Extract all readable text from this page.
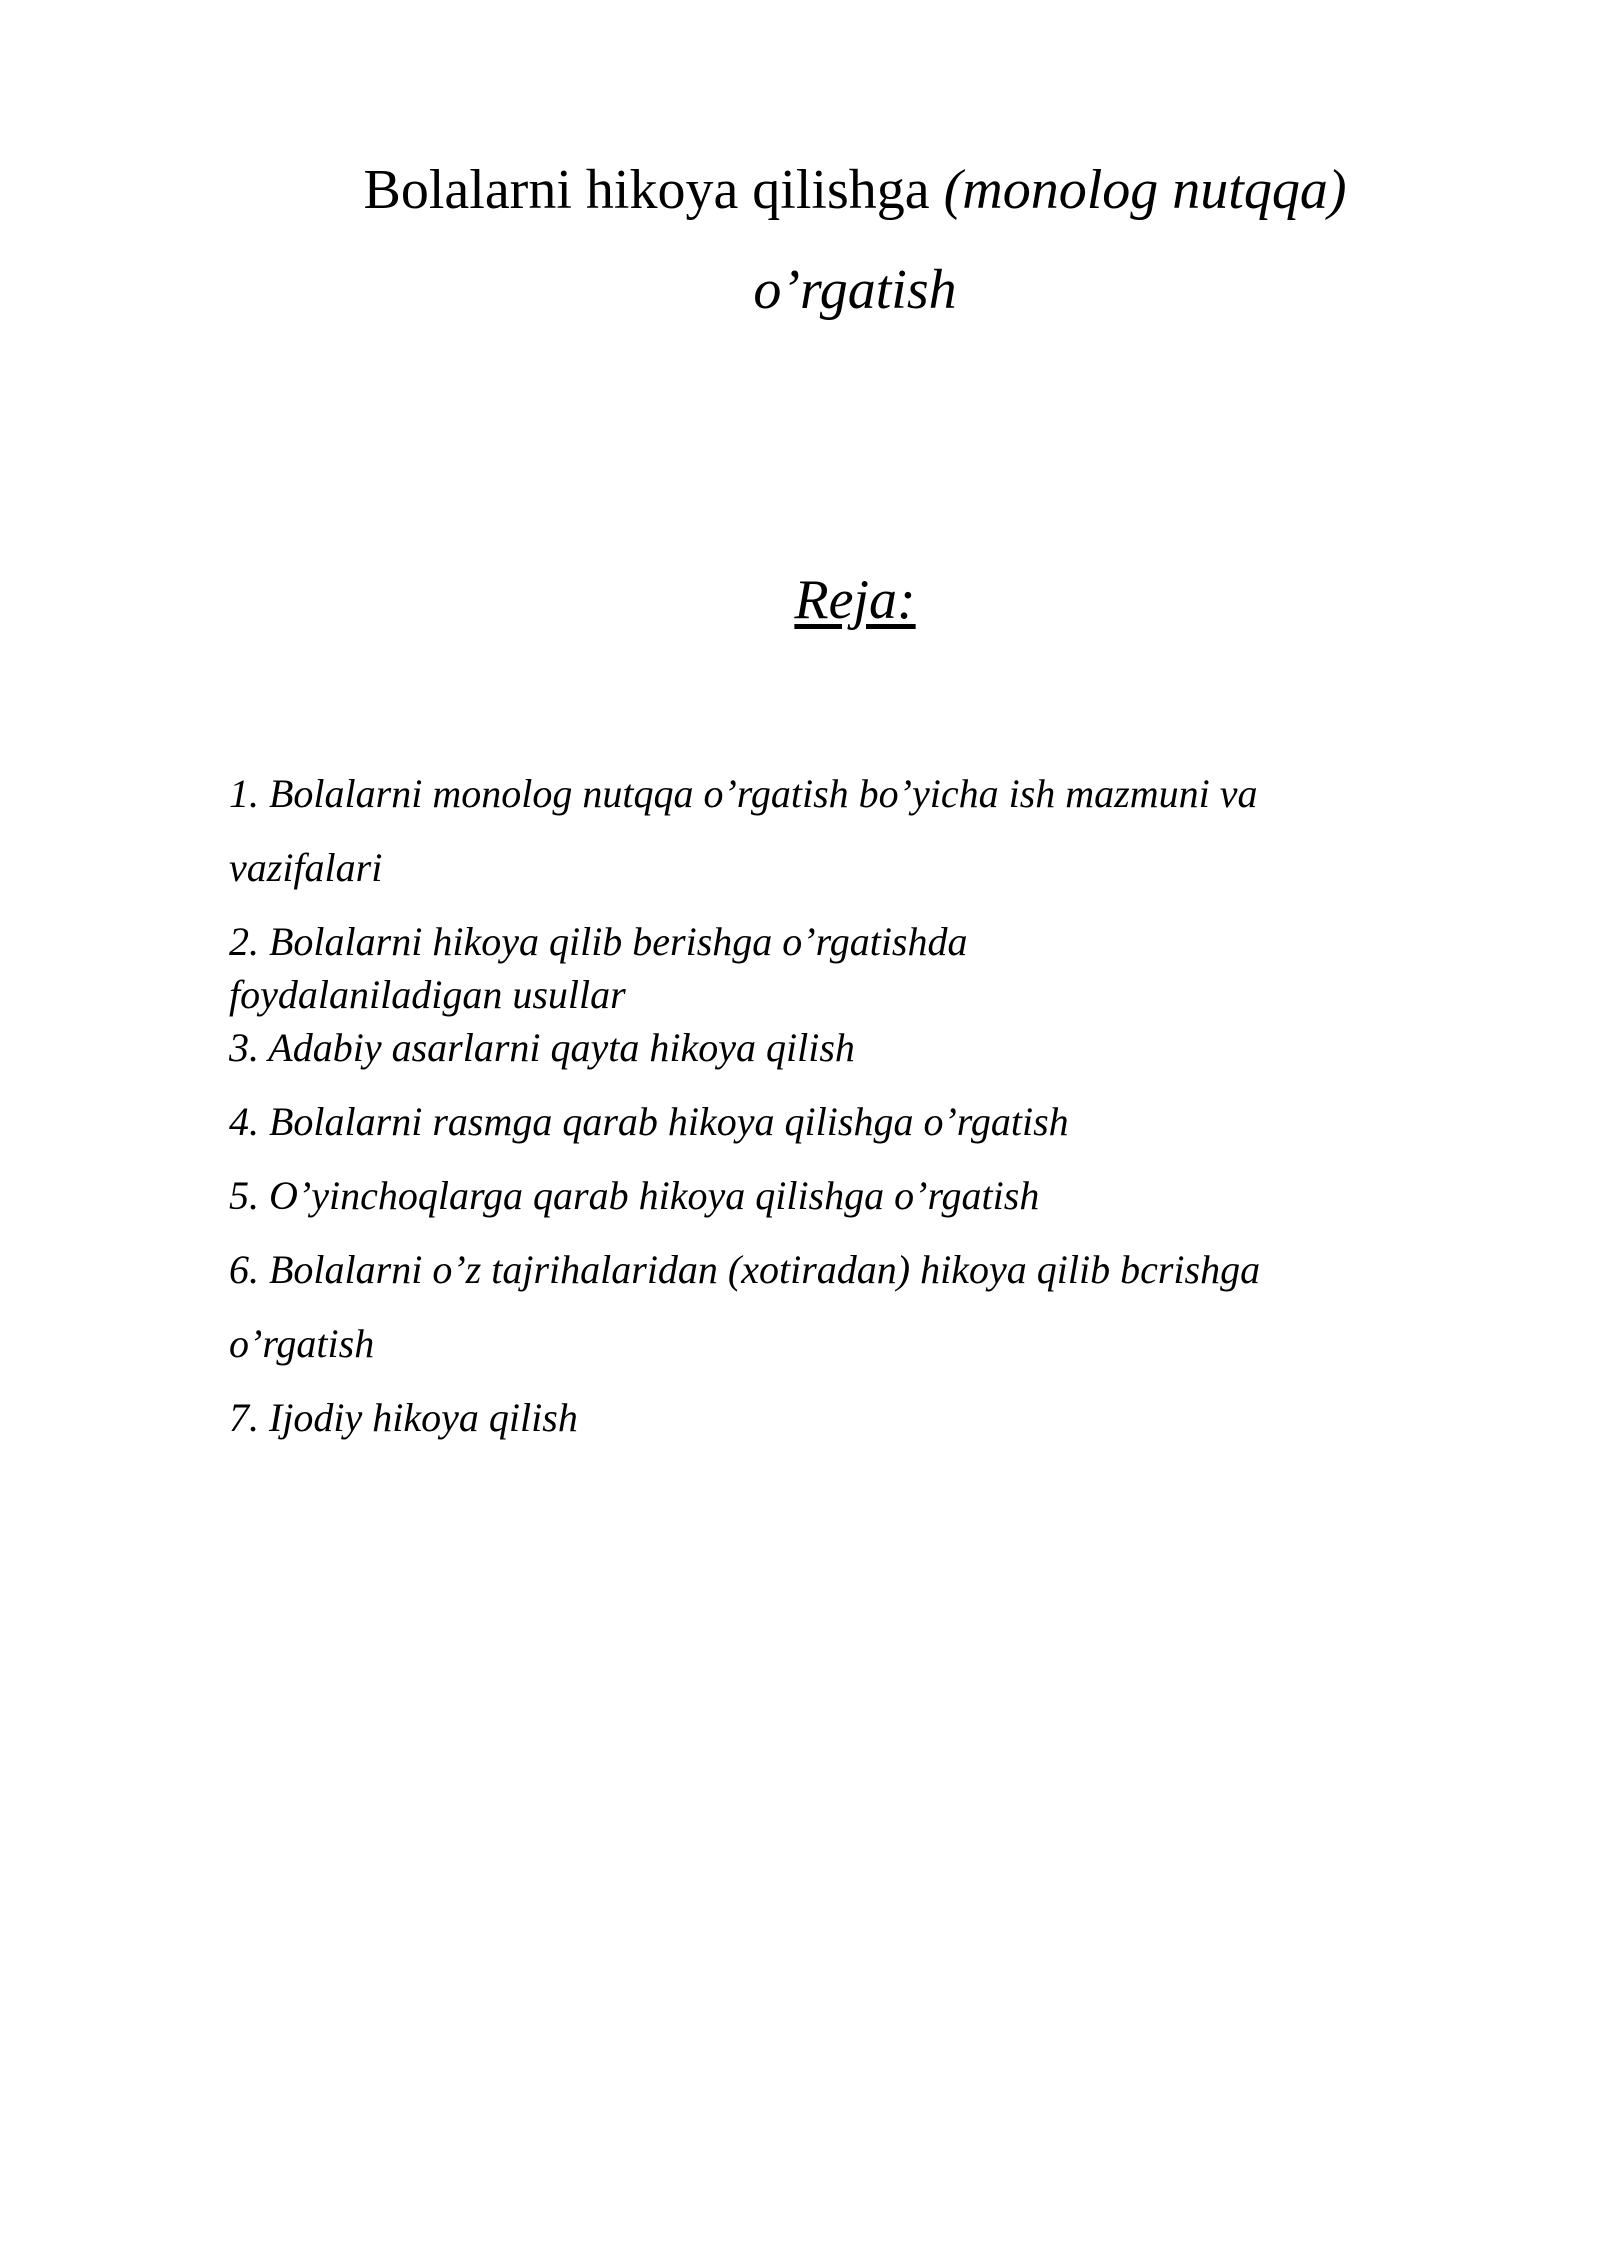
Bolalarni hikoya qilishga (monolog nutqqa)
o’rgatish
Reja:
1. Bolalarni monolog nutqqa o’rgatish bo’yicha ish mazmuni va
vazifalari
2. Bolalarni hikoya qilib berishga o’rgatishda
foydalaniladigan usullar
3. Adabiy asarlarni qayta hikoya qilish
4. Bolalarni rasmga qarab hikoya qilishga o’rgatish
5. O’yinchoqlarga qarab hikoya qilishga o’rgatish
6. Bolalarni o’z tajrihalaridan (xotiradan) hikoya qilib bcrishga
o’rgatish
7. Ijodiy hikoya qilish
